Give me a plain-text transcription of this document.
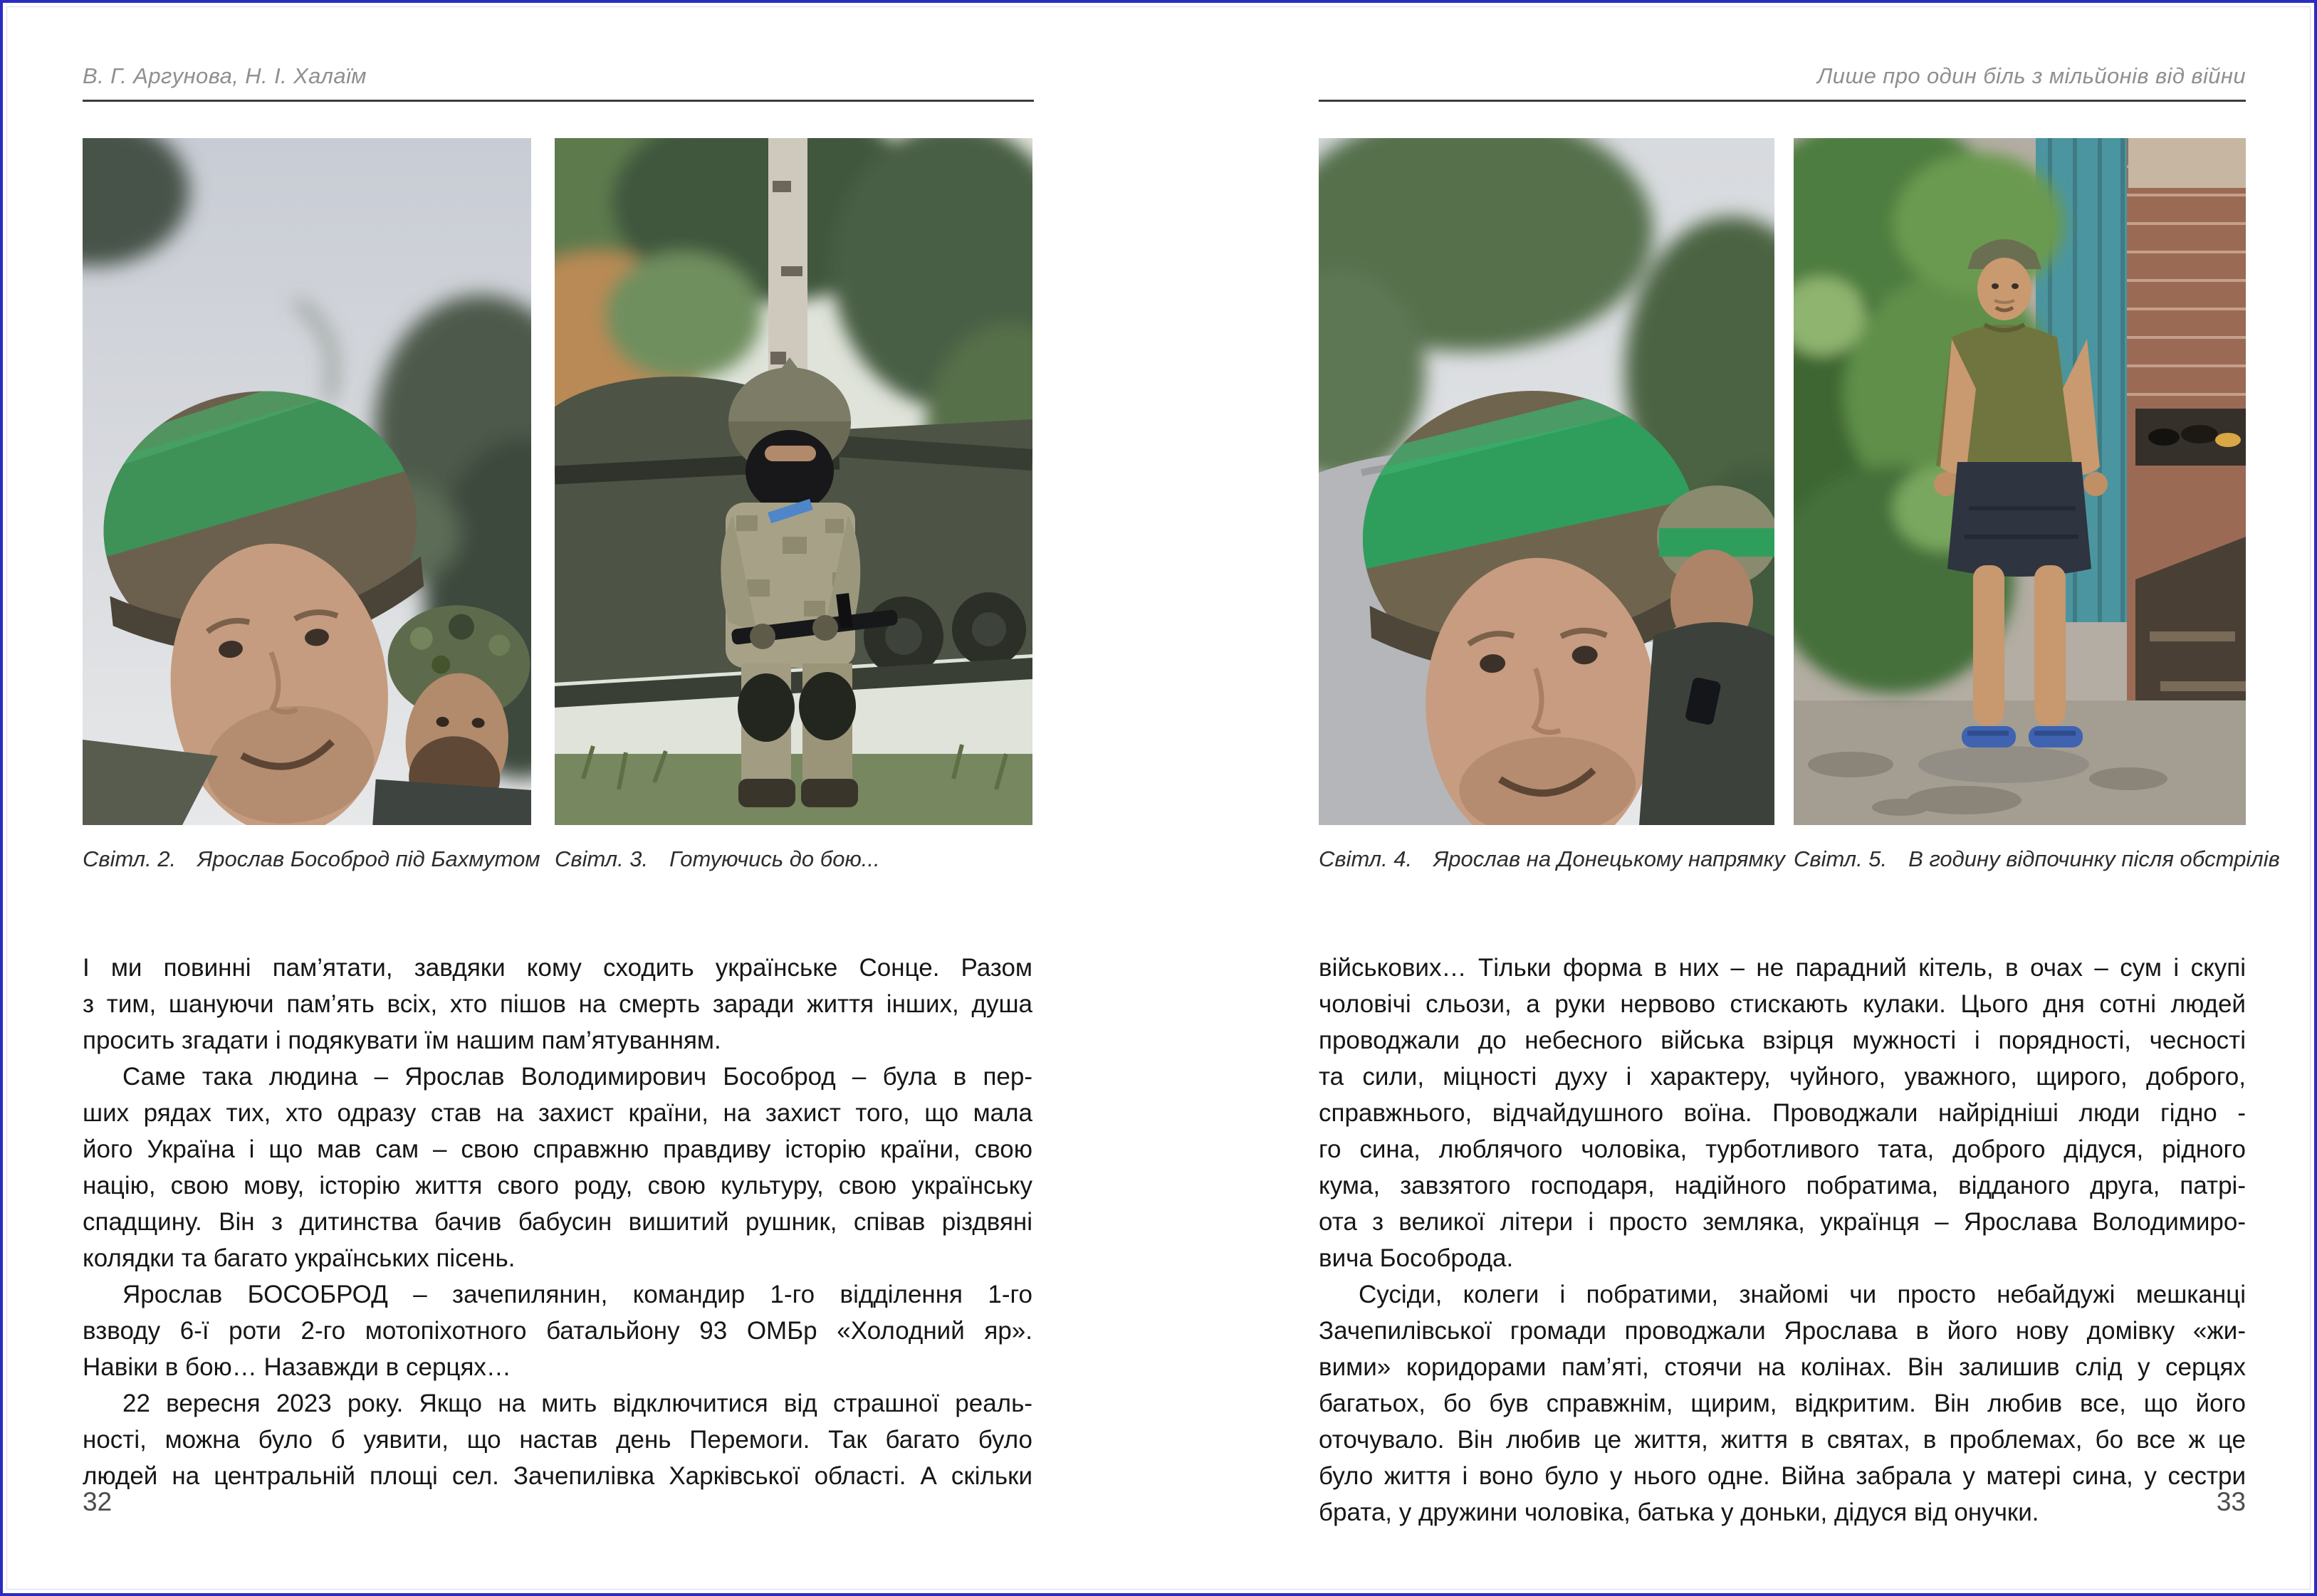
В. Г. Аргунова, Н. І. Халаїм	Лише про один біль з мільйонів від війни
Світл. 2. Ярослав Бособрод під Бахмутом Світл. 3. Готуючись до бою...	Світл. 4. Ярослав на Донецькому напрямку Світл. 5. В годину відпочинку після обстрілів
І ми повинні пам’ятати, завдяки кому сходить українське Сонце. Разом
з тим, шануючи пам’ять всіх, хто пішов на смерть заради життя інших, душа
просить згадати і подякувати їм нашим пам’ятуванням.
Саме така людина – Ярослав Володимирович Бособрод – була в пер-
ших рядах тих, хто одразу став на захист країни, на захист того, що мала
його Україна і що мав сам – свою справжню правдиву історію країни, свою
націю, свою мову, історію життя свого роду, свою культуру, свою українську
спадщину. Він з дитинства бачив бабусин вишитий рушник, співав різдвяні
колядки та багато українських пісень.
Ярослав БОСОБРОД – зачепилянин, командир 1-го відділення 1-го
взводу 6-ї роти 2-го мотопіхотного батальйону 93 ОМБр «Холодний яр».
Навіки в бою… Назавжди в серцях…
22 вересня 2023 року. Якщо на мить відключитися від страшної реаль-
ності, можна було б уявити, що настав день Перемоги. Так багато було
людей на центральній площі сел. Зачепилівка Харківської області. А скільки
військових… Тільки форма в них – не парадний кітель, в очах – сум і скупі
чоловічі сльози, а руки нервово стискають кулаки. Цього дня сотні людей
проводжали до небесного війська взірця мужності і порядності, чесності
та сили, міцності духу і характеру, чуйного, уважного, щирого, доброго,
справжнього, відчайдушного воїна. Проводжали найрідніші люди гідно -
го сина, люблячого чоловіка, турботливого тата, доброго дідуся, рідного
кума, завзятого господаря, надійного побратима, відданого друга, патрі-
ота з великої літери і просто земляка, українця – Ярослава Володимиро-
вича Бособрода.
Сусіди, колеги і побратими, знайомі чи просто небайдужі мешканці
Зачепилівської громади проводжали Ярослава в його нову домівку «жи-
вими» коридорами пам’яті, стоячи на колінах. Він залишив слід у серцях
багатьох, бо був справжнім, щирим, відкритим. Він любив все, що його
оточувало. Він любив це життя, життя в святах, в проблемах, бо все ж це
було життя і воно було у нього одне. Війна забрала у матері сина, у сестри
брата, у дружини чоловіка, батька у доньки, дідуся від онучки.
32	33
